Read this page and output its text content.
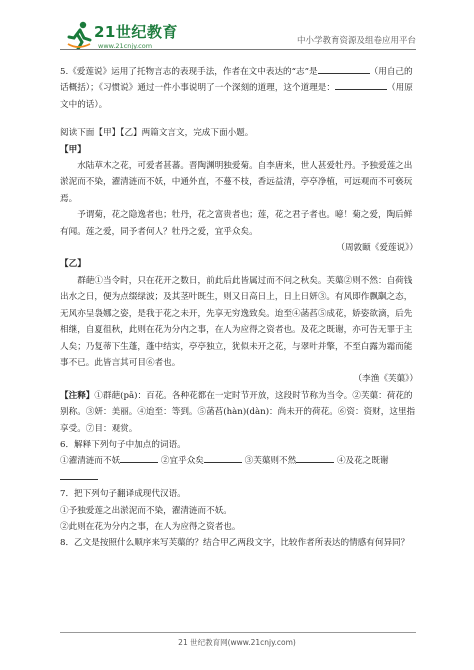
21世纪教育
www.21cnjy.com	中小学教育资源及组卷应用平台

5.《爱莲说》运用了托物言志的表现手法，作者在文中表达的“志”是	（用自己的话概括）；《习惯说》通过一件小事说明了一个深刻的道理，这个道理是：	（用原文中的话）。

阅读下面【甲】【乙】两篇文言文，完成下面小题。

【甲】

水陆草木之花，可爱者甚蕃。晋陶渊明独爱菊。自李唐来，世人甚爱牡丹。予独爱莲之出淤泥而不染，濯清涟而不妖，中通外直，不蔓不枝，香远益清，亭亭净植，可远观而不可亵玩焉。

予谓菊，花之隐逸者也；牡丹，花之富贵者也；莲，花之君子者也。噫！菊之爱，陶后鲜有闻。莲之爱，同予者何人？牡丹之爱，宜乎众矣。

（周敦颐《爱莲说》）

【乙】

群葩①当令时，只在花开之数日，前此后此皆属过而不问之秋矣。芙蕖②则不然：自荷钱出水之日，便为点缀绿波；及其茎叶既生，则又日高日上，日上日妍③。有风即作飘飖之态，无风亦呈袅娜之姿，是我于花之未开，先享无穷逸致矣。迨至④菡萏⑤成花，娇姿欲滴，后先相继，自夏徂秋，此则在花为分内之事，在人为应得之资者也。及花之既谢，亦可告无罪于主人矣；乃复蒂下生蓬，蓬中结实，亭亭独立，犹似未开之花，与翠叶并擎，不至白露为霜而能事不已。此皆言其可目⑥者也。

（李渔《芙蕖》）

【注释】①群葩(pā)：百花。各种花都在一定时节开放，这段时节称为当令。②芙蕖：荷花的别称。③妍：美丽。④迨至：等到。⑤菡萏(hàn)(dàn)：尚未开的荷花。⑥资：资财，这里指享受。⑦目：观赏。

6．解释下列句子中加点的词语。

①濯清涟而不妖	②宜乎众矣	③芙蕖则不然	④及花之既谢

7．把下列句子翻译成现代汉语。

①予独爱莲之出淤泥而不染，濯清涟而不妖。

②此则在花为分内之事，在人为应得之资者也。

8．乙文是按照什么顺序来写芙蕖的？结合甲乙两段文字，比较作者所表达的情感有何异同？

21 世纪教育网(www.21cnjy.com)
